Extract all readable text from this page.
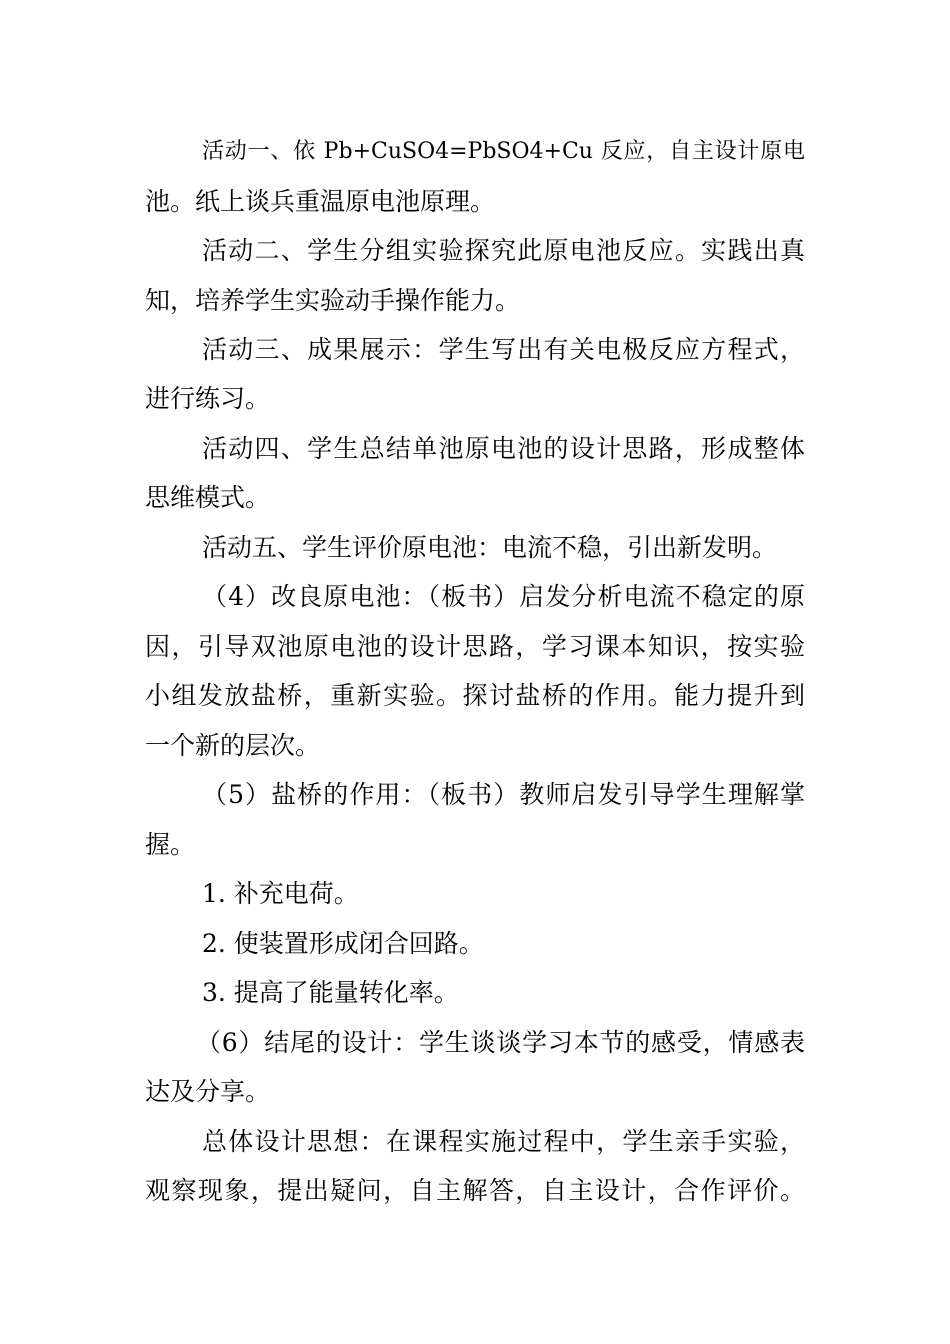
活动一、依 Pb+CuSO4=PbSO4+Cu 反应，自主设计原电
池。纸上谈兵重温原电池原理。
活动二、学生分组实验探究此原电池反应。实践出真
知，培养学生实验动手操作能力。
活动三、成果展示：学生写出有关电极反应方程式，
进行练习。
活动四、学生总结单池原电池的设计思路，形成整体
思维模式。
活动五、学生评价原电池：电流不稳，引出新发明。
（4）改良原电池：（板书）启发分析电流不稳定的原
因，引导双池原电池的设计思路，学习课本知识，按实验
小组发放盐桥，重新实验。探讨盐桥的作用。能力提升到
一个新的层次。
（5）盐桥的作用：（板书）教师启发引导学生理解掌
握。
1. 补充电荷。
2. 使装置形成闭合回路。
3. 提高了能量转化率。
（6）结尾的设计：学生谈谈学习本节的感受，情感表
达及分享。
总体设计思想：在课程实施过程中，学生亲手实验，
观察现象，提出疑问，自主解答，自主设计，合作评价。
